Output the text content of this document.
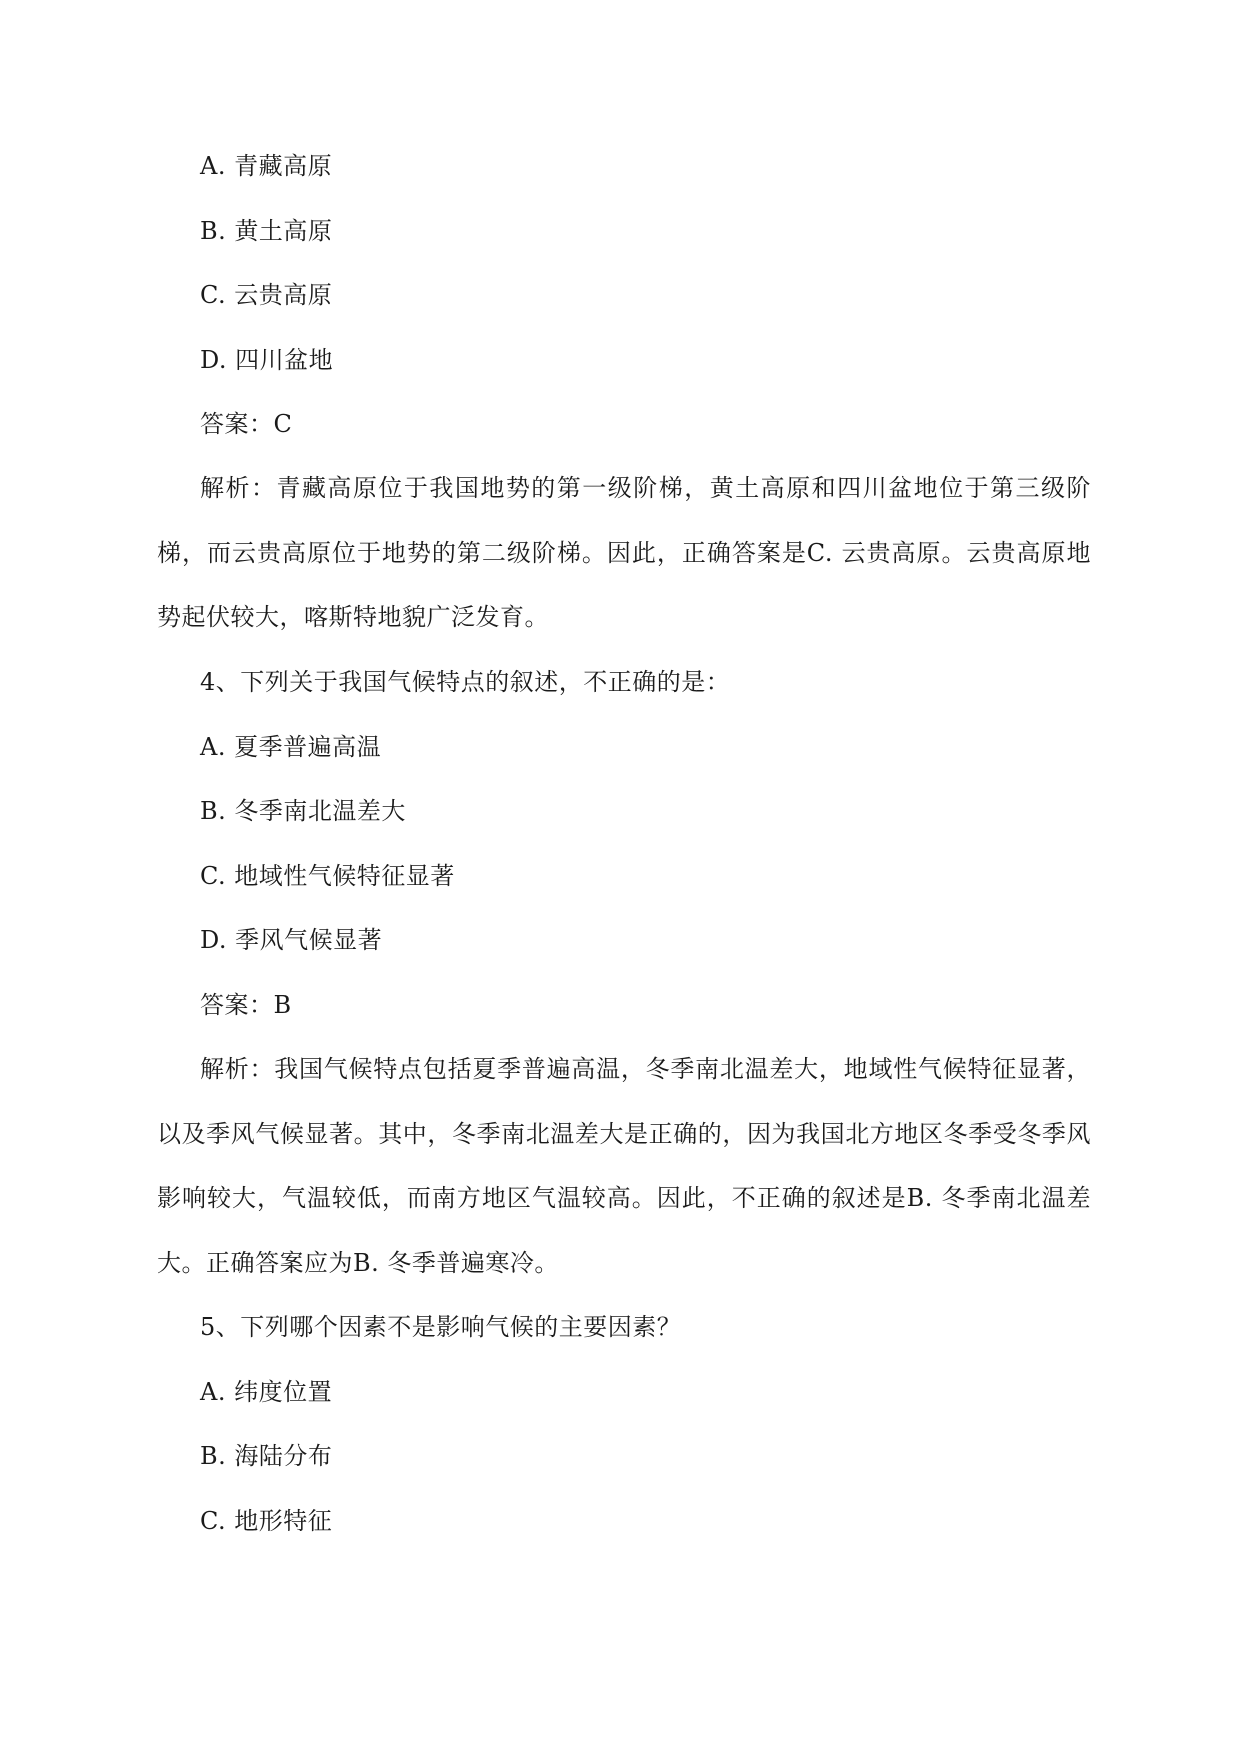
A. 青藏高原
B. 黄土高原
C. 云贵高原
D. 四川盆地
答案：C
解析：青藏高原位于我国地势的第一级阶梯，黄土高原和四川盆地位于第三级阶梯，而云贵高原位于地势的第二级阶梯。因此，正确答案是C. 云贵高原。云贵高原地势起伏较大，喀斯特地貌广泛发育。
4、下列关于我国气候特点的叙述，不正确的是：
A. 夏季普遍高温
B. 冬季南北温差大
C. 地域性气候特征显著
D. 季风气候显著
答案：B
解析：我国气候特点包括夏季普遍高温，冬季南北温差大，地域性气候特征显著，以及季风气候显著。其中，冬季南北温差大是正确的，因为我国北方地区冬季受冬季风影响较大，气温较低，而南方地区气温较高。因此，不正确的叙述是B. 冬季南北温差大。正确答案应为B. 冬季普遍寒冷。
5、下列哪个因素不是影响气候的主要因素？
A. 纬度位置
B. 海陆分布
C. 地形特征
